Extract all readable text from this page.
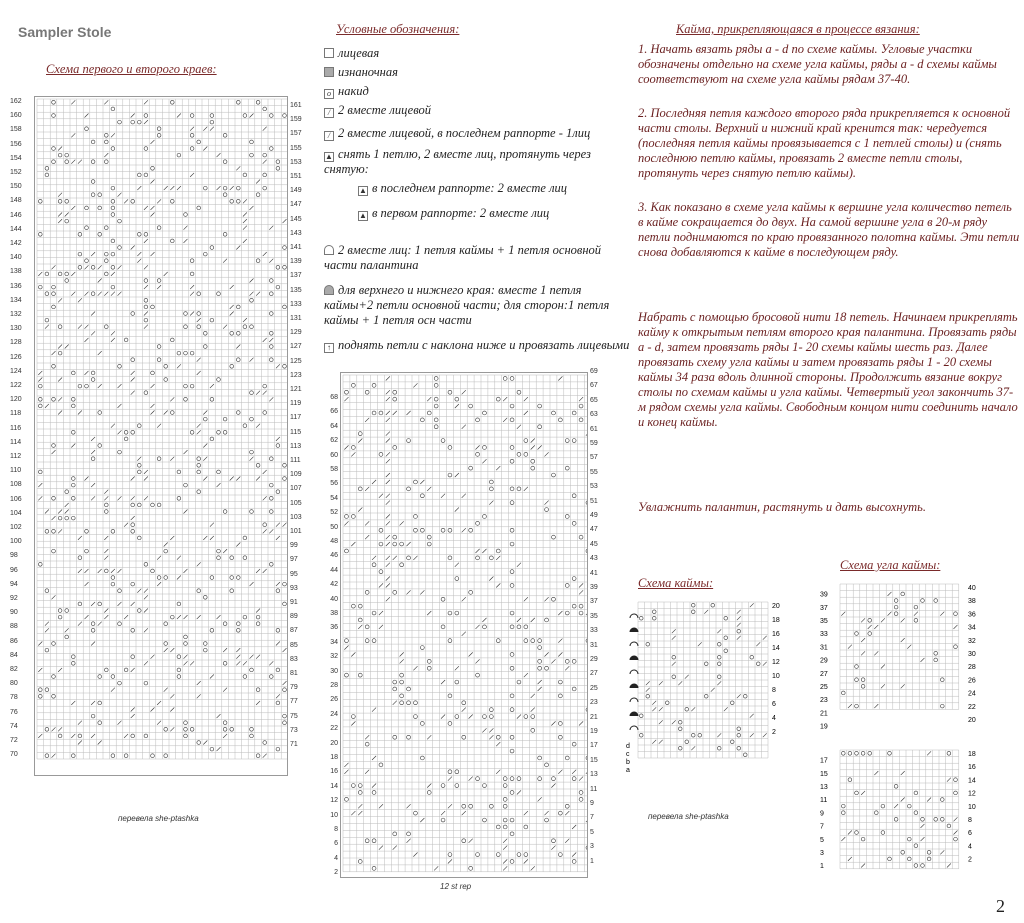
Sampler Stole
Схема первого и второго краев:
162
160
158
156
154
152
150
148
146
144
142
140
138
136
134
132
130
128
126
124
122
120
118
116
114
112
110
108
106
104
102
100
98
96
94
92
90
88
86
84
82
80
78
76
74
72
70
161
159
157
155
153
151
149
147
145
143
141
139
137
135
133
131
129
127
125
123
121
119
117
115
113
111
109
107
105
103
101
99
97
95
93
91
89
87
85
83
81
79
77
75
73
71
перевела she-ptashka
Условные обозначения:
лицевая
изнаночная
o накид
/ 2 вместе лицевой
/ 2 вместе лицевой, в последнем раппорте - 1лиц
▲ снять 1 петлю, 2 вместе лиц, протянуть через снятую:
▲ в последнем раппорте: 2 вместе лиц
▲ в первом раппорте: 2 вместе лиц
2 вместе лиц: 1 петля каймы + 1 петля основной части палантина
для верхнего и нижнего края: вместе 1 петля каймы+2 петли основной части; для сторон:1 петля каймы + 1 петля осн части
↑ поднять петли с наклона ниже и провязать лицевыми
68
66
64
62
60
58
56
54
52
50
48
46
44
42
40
38
36
34
32
30
28
26
24
22
20
18
16
14
12
10
8
6
4
2
69
67
65
63
61
59
57
55
53
51
49
47
45
43
41
39
37
35
33
31
29
27
25
23
21
19
17
15
13
11
9
7
5
3
1
12 st rep
Кайма, прикрепляющаяся в процессе вязания:
1. Начать вязать ряды a - d по схеме каймы. Угловые участки обозначены отдельно на схеме угла каймы, ряды a - d схемы каймы соответствуют на схеме угла каймы рядам 37-40.
2. Последняя петля каждого второго ряда прикрепляется к основной части столы. Верхний и нижний край кренится так: чередуется (последняя петля каймы провязывается с 1 петлей столы) и (снять последнюю петлю каймы, провязать 2 вместе петли столы, протянуть через снятую петлю каймы).
3. Как показано в схеме угла каймы к вершине угла количество петель в кайме сокращается до двух. На самой вершине угла в 20-м ряду петли поднимаются по краю провязанного полотна каймы. Эти петли снова добавляются к кайме в последующем ряду.
Набрать с помощью бросовой нити 18 петель. Начинаем прикреплять кайму к открытым петлям второго края палантина. Провязать ряды a - d, затем провязать ряды 1- 20 схемы каймы шесть раз. Далее провязать схему угла каймы и затем провязать ряды 1 - 20 схемы каймы 34 раза вдоль длинной стороны. Продолжить вязание вокруг столы по схемам каймы и угла каймы. Четвертый угол закончить 37-м рядом схемы угла каймы. Свободным концом нити соединить начало и конец каймы.
Увлажнить палантин, растянуть и дать высохнуть.
Схема каймы:
20
18
16
14
12
10
8
6
4
2
d
c
b
a
перевела she-ptashka
Схема угла каймы:
40
39
38
37
36
35
34
33
32
31
30
29
28
27
26
25
24
23
22
21
20
19
18
17
16
15
14
13
12
11
10
9
8
7
6
5
4
3
2
1
2
